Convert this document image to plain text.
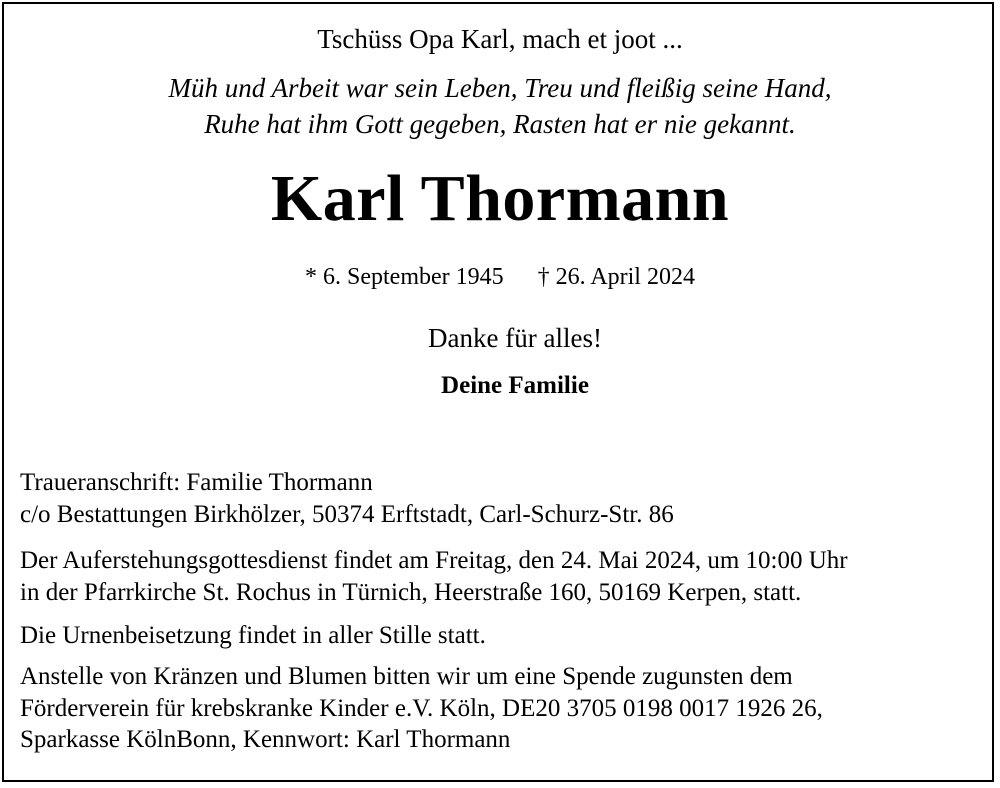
Tschüss Opa Karl, mach et joot ...
Müh und Arbeit war sein Leben, Treu und fleißig seine Hand,
Ruhe hat ihm Gott gegeben, Rasten hat er nie gekannt.
Karl Thormann
* 6. September 1945 † 26. April 2024
Danke für alles!
Deine Familie
Traueranschrift: Familie Thormann
c/o Bestattungen Birkhölzer, 50374 Erftstadt, Carl-Schurz-Str. 86
Der Auferstehungsgottesdienst findet am Freitag, den 24. Mai 2024, um 10:00 Uhr
in der Pfarrkirche St. Rochus in Türnich, Heerstraße 160, 50169 Kerpen, statt.
Die Urnenbeisetzung findet in aller Stille statt.
Anstelle von Kränzen und Blumen bitten wir um eine Spende zugunsten dem
Förderverein für krebskranke Kinder e.V. Köln, DE20 3705 0198 0017 1926 26,
Sparkasse KölnBonn, Kennwort: Karl Thormann
